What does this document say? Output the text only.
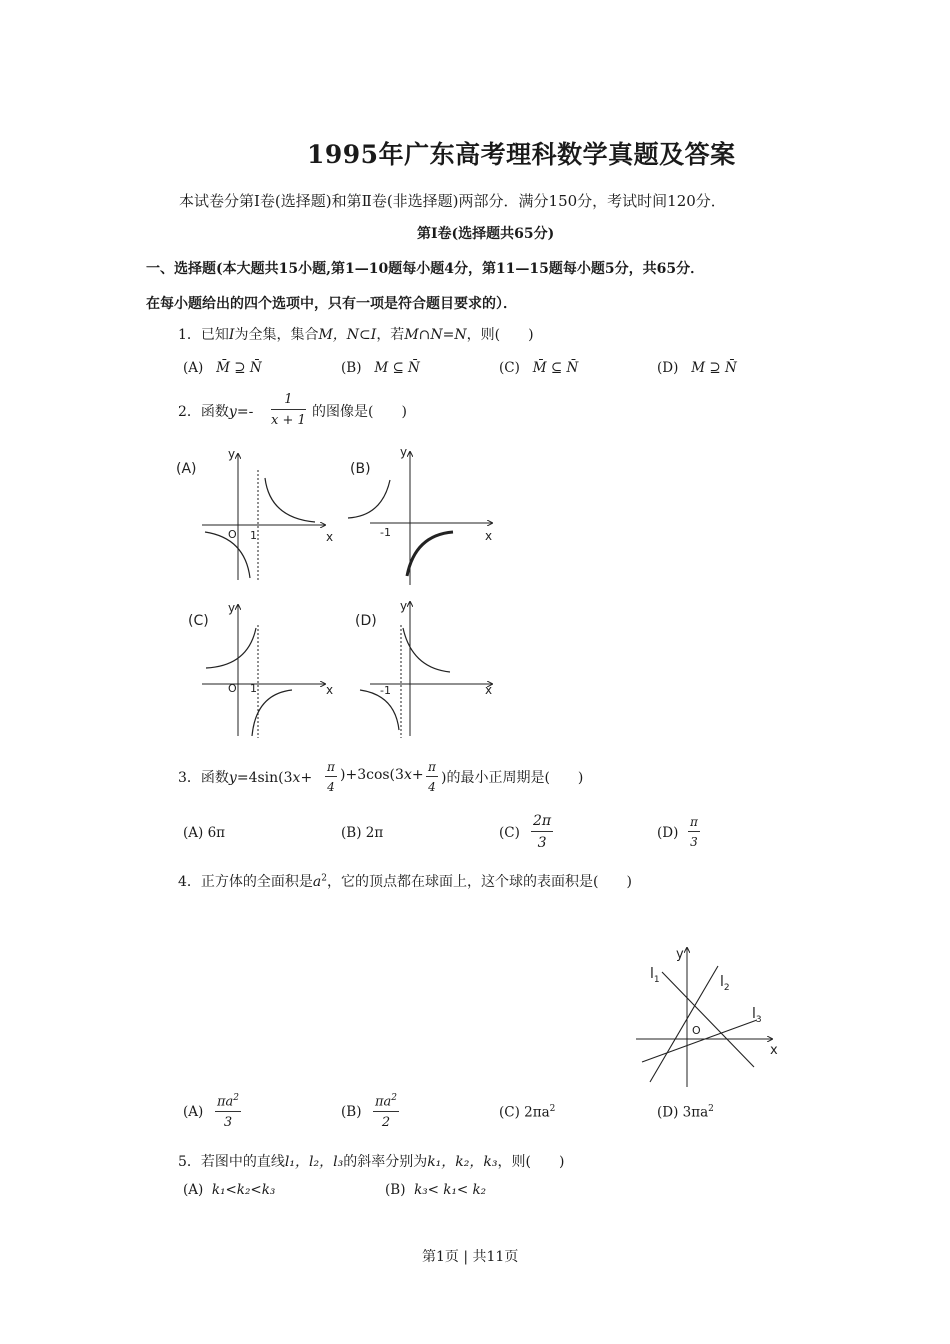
1995年广东高考理科数学真题及答案
本试卷分第Ⅰ卷(选择题)和第Ⅱ卷(非选择题)两部分．满分150分，考试时间120分．
第Ⅰ卷(选择题共65分)
一、选择题(本大题共15小题,第1—10题每小题4分，第11—15题每小题5分，共65分．
在每小题给出的四个选项中，只有一项是符合题目要求的）．
1．已知I为全集，集合M，N⊂I，若M∩N=N，则(　　)
(A) M̄ ⊇ N̄	(B) M ⊆ N̄	(C) M̄ ⊆ N̄	(D) M ⊇ N̄
2．函数$y=- \frac{1}{x + 1}$ 的图像是(　　)
(A)
x
y
O 1
(B)
x
y
-1
(C)
x
y
O 1
(D)
x
y
-1
3．函数$y=4\sin(3x+ \frac{\pi}{4} )+3\cos(3x+ \frac{\pi}{4}$ )的最小正周期是(　　)
(A) 6π	(B) 2π	$(C) \frac{2\pi}{3}$	$(D) \frac{\pi}{3}$
4．正方体的全面积是$a^2$，它的顶点都在球面上，这个球的表面积是(　　)
x
y
O
$l_1$	$l_2$
$l_3$
$(A) \frac{\pi a^2}{3}$	$(B) \frac{\pi a^2}{2}$	(C) $2\pi a^2$	(D) $3\pi a^2$
5．若图中的直线l₁，l₂，l₃的斜率分别为k₁，k₂，k₃，则(　　)
(A) k₁<k₂<k₃	(B) k₃< k₁< k₂
第1页 | 共11页
